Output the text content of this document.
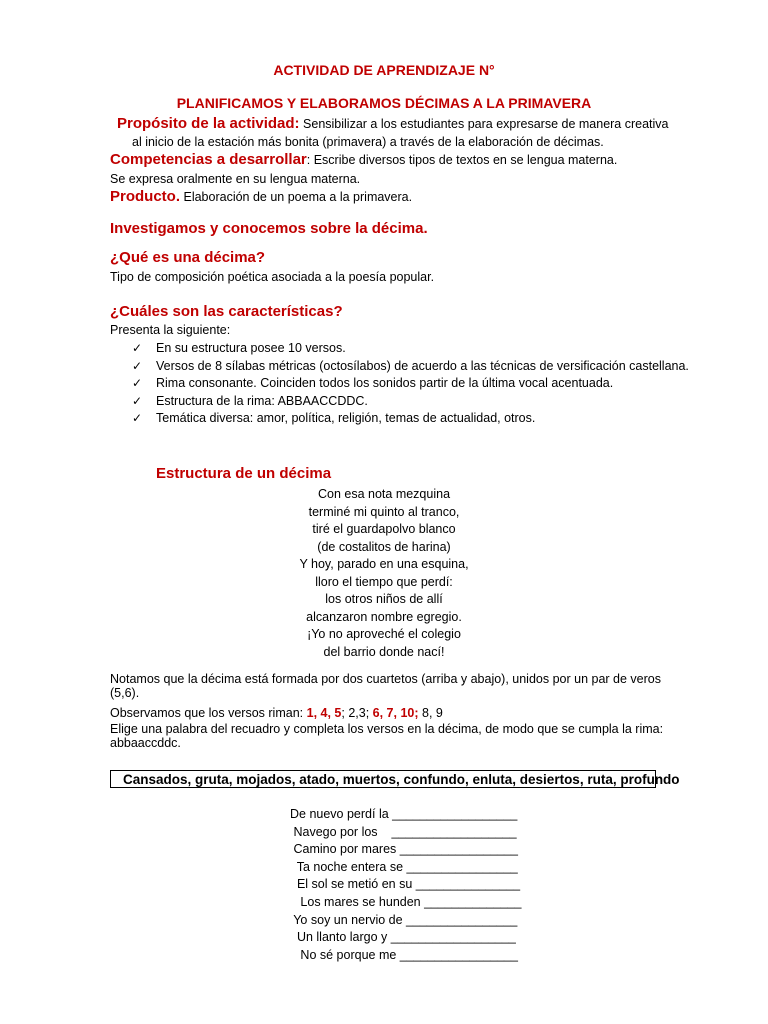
ACTIVIDAD DE APRENDIZAJE N°
PLANIFICAMOS Y ELABORAMOS DÉCIMAS A LA PRIMAVERA
Propósito de la actividad: Sensibilizar a los estudiantes para expresarse de manera creativa
al inicio de la estación más bonita (primavera) a través de la elaboración de décimas.
Competencias a desarrollar: Escribe diversos tipos de textos en se lengua materna.
Se expresa oralmente en su lengua materna.
Producto. Elaboración de un poema a la primavera.
Investigamos y conocemos sobre la décima.
¿Qué es una décima?
Tipo de composición poética asociada a la poesía popular.
¿Cuáles son las características?
Presenta la siguiente:
✓ En su estructura posee 10 versos.
✓ Versos de 8 sílabas métricas (octosílabos) de acuerdo a las técnicas de versificación castellana.
✓ Rima consonante. Coinciden todos los sonidos partir de la última vocal acentuada.
✓ Estructura de la rima: ABBAACCDDC.
✓ Temática diversa: amor, política, religión, temas de actualidad, otros.
Estructura de un décima
Con esa nota mezquina
terminé mi quinto al tranco,
tiré el guardapolvo blanco
(de costalitos de harina)
Y hoy, parado en una esquina,
lloro el tiempo que perdí:
los otros niños de allí
alcanzaron nombre egregio.
¡Yo no aproveché el colegio
del barrio donde nací!
Notamos que la décima está formada por dos cuartetos (arriba y abajo), unidos por un par de veros
(5,6).
Observamos que los versos riman: 1, 4, 5; 2,3; 6, 7, 10; 8, 9
Elige una palabra del recuadro y completa los versos en la décima, de modo que se cumpla la rima:
abbaaccddc.
Cansados, gruta, mojados, atado, muertos, confundo, enluta, desiertos, ruta, profundo
De nuevo perdí la __________________
Navego por los    __________________
Camino por mares _________________
Ta noche entera se ________________
El sol se metió en su _______________
Los mares se hunden ______________
Yo soy un nervio de ________________
Un llanto largo y __________________
No sé porque me _________________
